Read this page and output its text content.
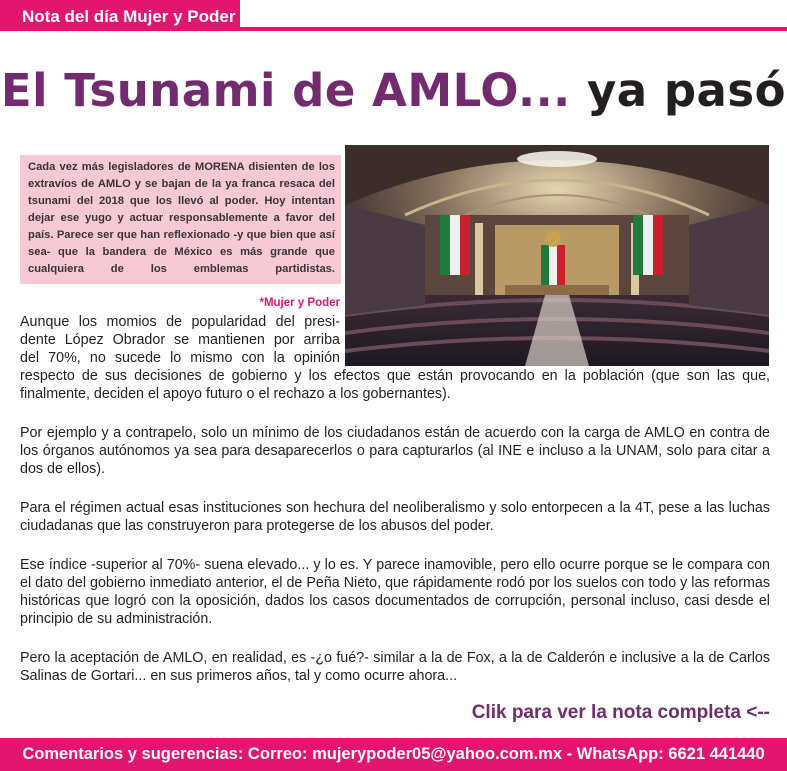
Nota del día Mujer y Poder
El Tsunami de AMLO... ya pasó
Cada vez más legisladores de MORENA disienten de los
extravíos de AMLO y se bajan de la ya franca resaca del
tsunami del 2018 que los llevó al poder. Hoy intentan
dejar ese yugo y actuar responsablemente a favor del
país. Parece ser que han reflexionado -y que bien que así
sea- que la bandera de México es más grande que
cualquiera de los emblemas partidistas.
*Mujer y Poder
Aunque los momios de popularidad del presi-
dente López Obrador se mantienen por arriba
del 70%, no sucede lo mismo con la opinión
respecto de sus decisiones de gobierno y los efectos que están provocando en la población (que son las que, finalmente, deciden el apoyo futuro o el rechazo a los gobernantes).
Por ejemplo y a contrapelo, solo un mínimo de los ciudadanos están de acuerdo con la carga de AMLO en contra de los órganos autónomos ya sea para desaparecerlos o para capturarlos (al INE e incluso a la UNAM, solo para citar a dos de ellos).
Para el régimen actual esas instituciones son hechura del neoliberalismo y solo entorpecen a la 4T, pese a las luchas ciudadanas que las construyeron para protegerse de los abusos del poder.
Ese índice -superior al 70%- suena elevado... y lo es. Y parece inamovible, pero ello ocurre porque se le compara con el dato del gobierno inmediato anterior, el de Peña Nieto, que rápidamente rodó por los suelos con todo y las reformas históricas que logró con la oposición, dados los casos documentados de corrupción, personal incluso, casi desde el principio de su administración.
Pero la aceptación de AMLO, en realidad, es -¿o fué?- similar a la de Fox, a la de Calderón e inclusive a la de Carlos Salinas de Gortari... en sus primeros años, tal y como ocurre ahora...
Clik para ver la nota completa <--
Comentarios y sugerencias: Correo: mujerypoder05@yahoo.com.mx - WhatsApp: 6621 441440
